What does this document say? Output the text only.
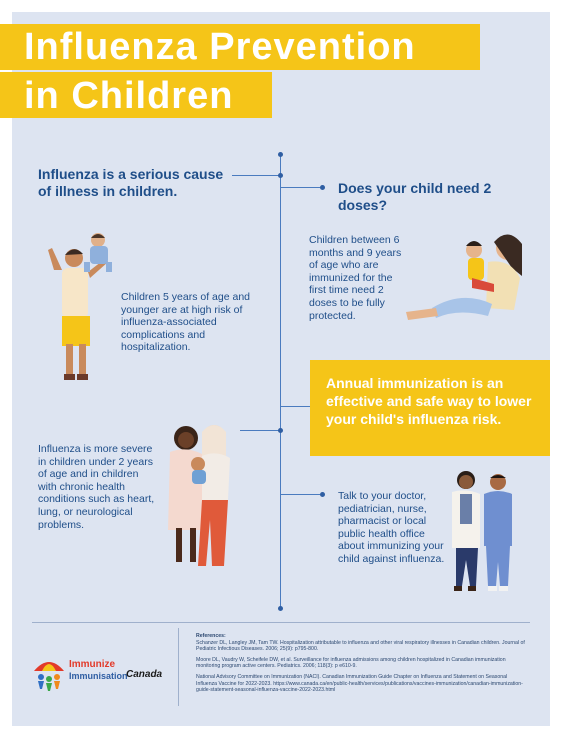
Influenza Prevention
in Children
Influenza is a serious cause of illness in children.	Does your child need 2 doses?
Children 5 years of age and younger are at high risk of influenza-associated complications and hospitalization.
Children between 6 months and 9 years of age who are immunized for the first time need 2 doses to be fully protected.
Influenza is more severe in children under 2 years of age and in children with chronic health conditions such as heart, lung, or neurological problems.
Talk to your doctor, pediatrician, nurse, pharmacist or local public health office about immunizing your child against influenza.
Annual immunization is an effective and safe way to lower your child's influenza risk.
Immunize
Immunisation
Canada
References:
Schanzer DL, Langley JM, Tam TW. Hospitalization attributable to influenza and other viral respiratory illnesses in Canadian children. Journal of Pediatric Infectious Diseases. 2006; 25(9): p795-800.
Moore DL, Vaudry W, Scheifele DW, et al. Surveillance for influenza admissions among children hospitalized in Canadian immunization monitoring program active centers. Pediatrics. 2006; 118(3): p e610-9.
National Advisory Committee on Immunization (NACI). Canadian Immunization Guide Chapter on Influenza and Statement on Seasonal Influenza Vaccine for 2022-2023. https://www.canada.ca/en/public-health/services/publications/vaccines-immunization/canadian-immunization-guide-statement-seasonal-influenza-vaccine-2022-2023.html
